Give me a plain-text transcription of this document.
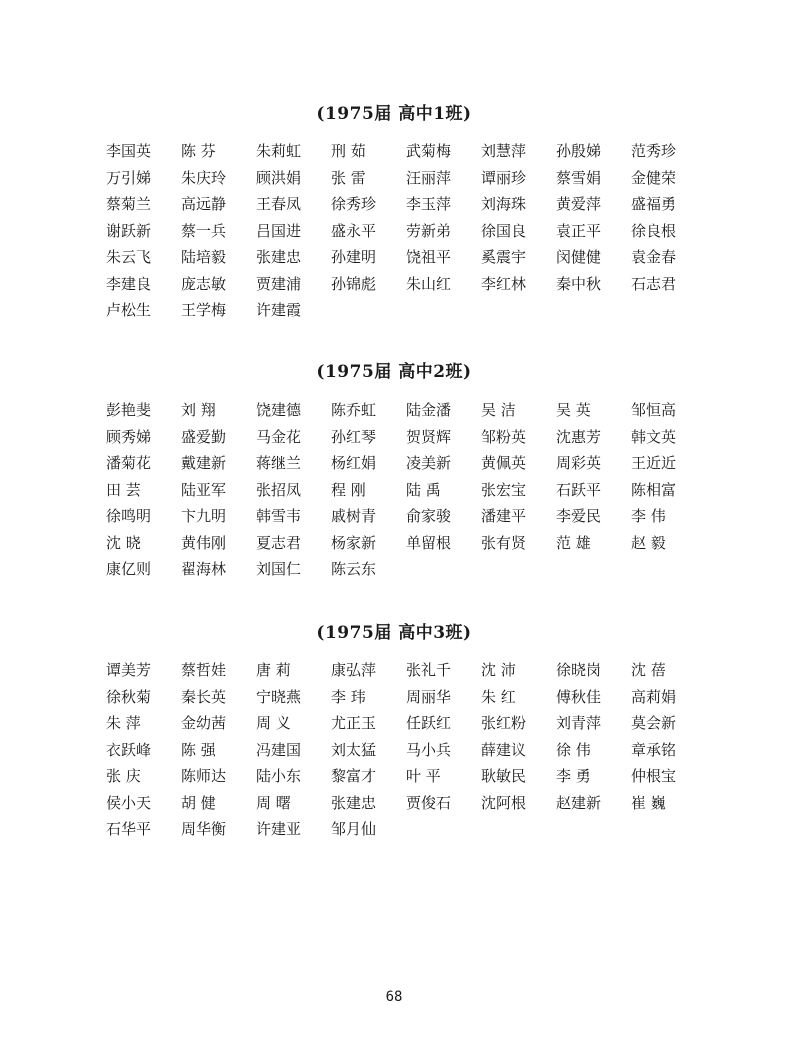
(1975届 高中1班)
李国英	陈 芬	朱莉虹	刑 茹	武菊梅	刘慧萍	孙殷娣	范秀珍
万引娣	朱庆玲	顾洪娟	张 雷	汪丽萍	谭丽珍	蔡雪娟	金健荣
蔡菊兰	高远静	王春凤	徐秀珍	李玉萍	刘海珠	黄爱萍	盛福勇
谢跃新	蔡一兵	吕国进	盛永平	劳新弟	徐国良	袁正平	徐良根
朱云飞	陆培毅	张建忠	孙建明	饶祖平	奚震宇	闵健健	袁金春
李建良	庞志敏	贾建浦	孙锦彪	朱山红	李红林	秦中秋	石志君
卢松生	王学梅	许建霞
(1975届 高中2班)
彭艳斐	刘 翔	饶建德	陈乔虹	陆金潘	吴 洁	吴 英	邹恒高
顾秀娣	盛爱勤	马金花	孙红琴	贺贤辉	邹粉英	沈惠芳	韩文英
潘菊花	戴建新	蒋继兰	杨红娟	凌美新	黄佩英	周彩英	王近近
田 芸	陆亚军	张招凤	程 刚	陆 禹	张宏宝	石跃平	陈相富
徐鸣明	卞九明	韩雪韦	戚树青	俞家骏	潘建平	李爱民	李 伟
沈 晓	黄伟刚	夏志君	杨家新	单留根	张有贤	范 雄	赵 毅
康亿则	翟海林	刘国仁	陈云东
(1975届 高中3班)
谭美芳	蔡哲娃	唐 莉	康弘萍	张礼千	沈 沛	徐晓岗	沈 蓓
徐秋菊	秦长英	宁晓燕	李 玮	周丽华	朱 红	傅秋佳	高莉娟
朱 萍	金幼茜	周 义	尤正玉	任跃红	张红粉	刘青萍	莫会新
衣跃峰	陈 强	冯建国	刘太猛	马小兵	薛建议	徐 伟	章承铭
张 庆	陈师达	陆小东	黎富才	叶 平	耿敏民	李 勇	仲根宝
侯小天	胡 健	周 曙	张建忠	贾俊石	沈阿根	赵建新	崔 巍
石华平	周华衡	许建亚	邹月仙
68
